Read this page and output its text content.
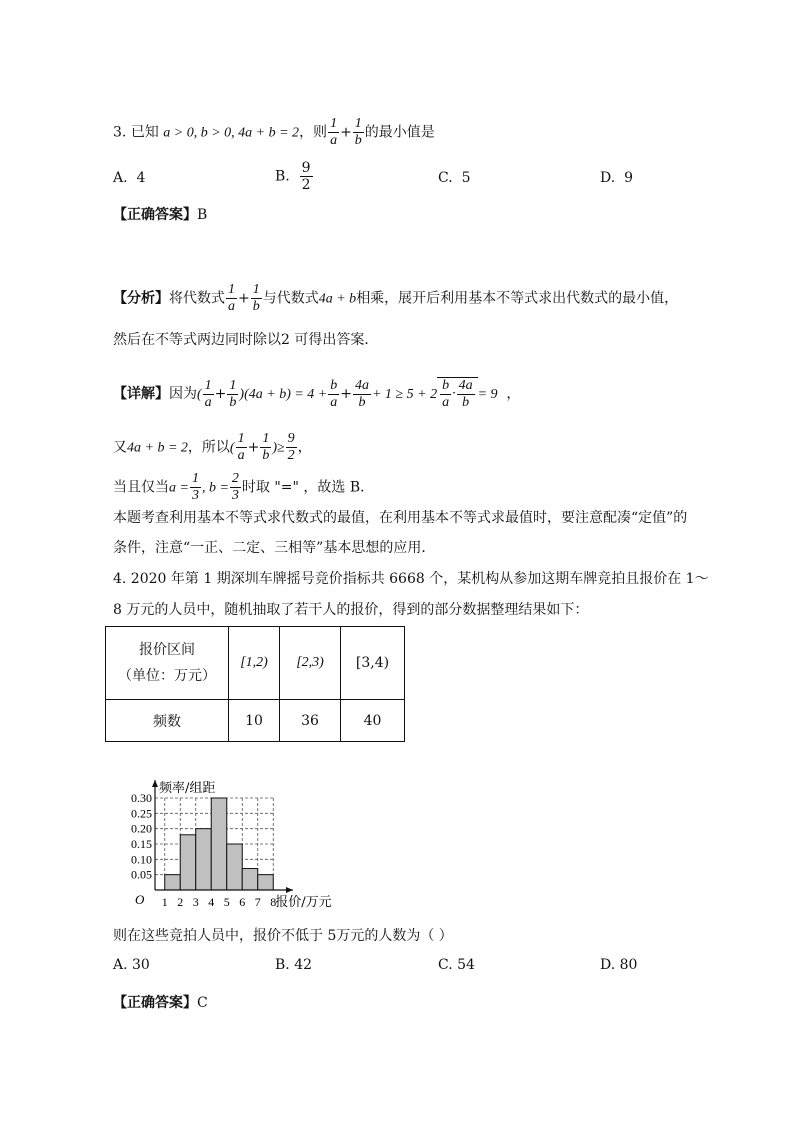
3. 已知 a > 0, b > 0, 4a + b = 2，则 $\frac{1}{a} + \frac{1}{b}$ 的最小值是
A. 4	B. $\frac{9}{2}$	C. 5	D. 9
【正确答案】B
【分析】将代数式 $\frac{1}{a} + \frac{1}{b}$ 与代数式4a + b相乘，展开后利用基本不等式求出代数式的最小值，
然后在不等式两边同时除以2 可得出答案．
【详解】因为( $\frac{1}{a} + \frac{1}{b} )(4a + b) = 4 + \frac{b}{a} + \frac{4a}{b} + 1 \ge 5 + 2 \frac{b}{a} \cdot \frac{4a}{b} = 9$ ，
又4a + b = 2，所以( $\frac{1}{a} + \frac{1}{b}$ )≥ $\frac{9}{2}$ ，
当且仅当$a = \frac{1}{3}$ , $b = \frac{2}{3}$ 时取 "=" ，故选 B．
本题考查利用基本不等式求代数式的最值，在利用基本不等式求最值时，要注意配凑“定值”的
条件，注意“一正、二定、三相等”基本思想的应用．
4. 2020 年第 1 期深圳车牌摇号竞价指标共 6668 个，某机构从参加这期车牌竞拍且报价在 1～
8 万元的人员中，随机抽取了若干人的报价，得到的部分数据整理结果如下：
报价区间
（单位：万元）	[1,2)	[2,3)	[3,4)
频数	10	36	40
0.05
0.10
0.15
0.20
0.25
0.30
1 2 3 4 5 6 7 8
O
频率/组距
报价/万元
则在这些竞拍人员中，报价不低于 5万元的人数为（ ）
A. 30	B. 42	C. 54	D. 80
【正确答案】C
